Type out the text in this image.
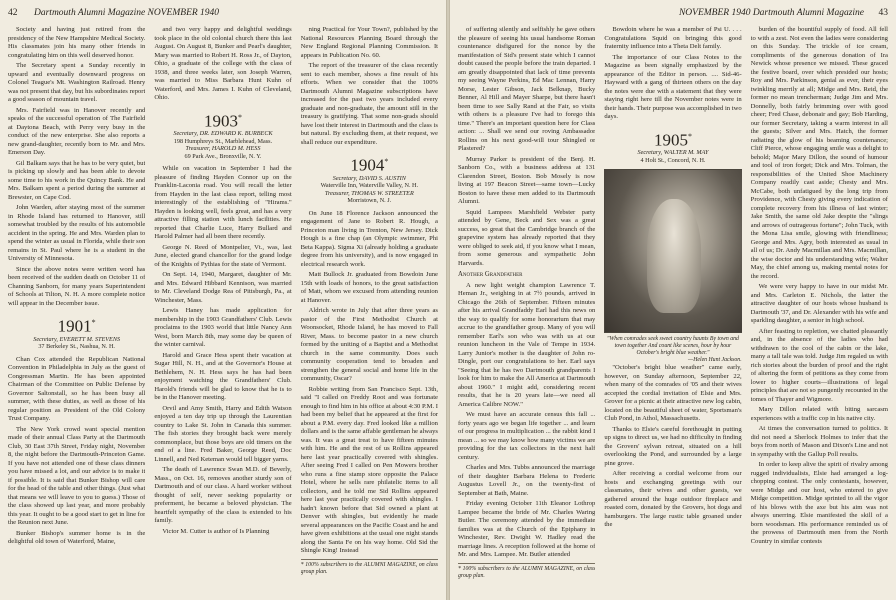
42 Dartmouth Alumni Magazine NOVEMBER 1940

Society and having just retired from the presidency of the New Hampshire Medical Society. His classmates join his many other friends in congratulating him on this well deserved honor.

The Secretary spent a Sunday recently in upward and eventually downward progress on Colonel Teague's Mt. Washington Railroad. Henry was not present that day, but his subordinates report a good season of mountain travel.

Mrs. Fairfield was in Hanover recently and speaks of the successful operation of The Fairfield at Daytona Beach, with Perry very busy in the conduct of the new enterprise. She also reports a new grand-daughter, recently born to Mr. and Mrs. Emerson Day.

Gil Balkam says that he has to be very quiet, but is picking up slowly and has been able to devote some time to his work in the Quincy Bank. He and Mrs. Balkam spent a period during the summer at Brewster, on Cape Cod.

John Warden, after staying most of the summer in Rhode Island has returned to Hanover, still somewhat troubled by the results of his automobile accident in the spring. He and Mrs. Warden plan to spend the winter as usual in Florida, while their son remains in St. Paul where he is a student in the University of Minnesota.

Since the above notes were written word has been received of the sudden death on October 11 of Channing Sanborn, for many years Superintendent of Schools at Tilton, N. H. A more complete notice will appear in the December issue.

1901*
Secretary, EVERETT M. STEVENS
37 Berkeley St., Nashua, N. H.

Chan Cox attended the Republican National Convention in Philadelphia in July as the guest of Congressman Martin. He has been appointed Chairman of the Committee on Public Defense by Governor Saltonstall, so he has been busy all summer, with these duties, as well as those of his regular position as President of the Old Colony Trust Company.

The New York crowd want special mention made of their annual Class Party at the Dartmouth Club, 30 East 37th Street, Friday night, November 8, the night before the Dartmouth-Princeton Game. If you have not attended one of these class dinners you have missed a lot, and our advice is to make it if possible. It is said that Bunker Bishop will care for the head of the table and other things. (Just what that means we will leave to you to guess.) Those of the class showed up last year, and more probably this year. It ought to be a good start to get in line for the Reunion next June.

Bunker Bishop's summer home is in the delightful old town of Waterford, Maine,

and two very happy and delightful weddings took place in the old colonial church there this last August. On August 8, Bunker and Pearl's daughter, Mary was married to Robert H. Ross Jr., of Dayton, Ohio, a graduate of the college with the class of 1938, and three weeks later, son Joseph Warren, was married to Miss Barbara Hunt Kuhn of Waterford, and Mrs. James I. Kuhn of Cleveland, Ohio.

1903*
Secretary, DR. EDWARD K. BURBECK
198 Humphreys St., Marblehead, Mass.
Treasurer, HAROLD M. HESS
69 Park Ave., Bronxville, N. Y.

While on vacation in September I had the pleasure of finding Hayden Connor up on the Franklin-Laconia road. You will recall the letter from Hayden in the last class report, telling most interestingly of the establishing of "Hirams." Hayden is looking well, feels great, and has a very attractive filling station with lunch facilities. He reported that Charlie Luce, Harry Bullard and Harold Palmer had all been there recently.

George N. Reed of Montpelier, Vt., was, last June, elected grand chancellor for the grand lodge of the Knights of Pythias for the state of Vermont.

On Sept. 14, 1940, Margaret, daughter of Mr. and Mrs. Edward Hibbard Kennison, was married to Mr. Cleveland Dodge Rea of Pittsburgh, Pa., at Winchester, Mass.

Lewis Haney has made application for membership in the 1903 Grandfathers' Club. Lewis proclaims to the 1903 world that little Nancy Ann West, born March 8th, may some day be queen of the winter carnival.

Harold and Grace Hess spent their vacation at Sugar Hill, N. H., and at the Governor's House at Bethlehem, N. H. Hess says he has had been enjoyment watching the Grandfathers' Club. Harold's friends will be glad to know that he is to be in the Hanover meeting.

Orvil and Amy Smith, Harry and Edith Watson enjoyed a ten day trip up through the Laurentian country to Lake St. John in Canada this summer. The fish stories they brought back were merely commonplace, but those boys are old timers on the end of a line. Fred Baker, George Reed, Doc Linnell, and Ned Keteman would tell bigger yarns.

The death of Lawrence Swan M.D. of Beverly, Mass., on Oct. 16, removes another sturdy son of Dartmouth and of our class. A hard worker without thought of self, never seeking popularity or preferment, he became a beloved physician. The heartfelt sympathy of the class is extended to his family.

Victor M. Cutter is author of Is Planning

ning Practical for Your Town?, published by the National Resources Planning Board through the New England Regional Planning Commission. It appears in Publication No. 60.

The report of the treasurer of the class recently sent to each member, shows a fine result of his efforts. When we consider that the 100% Dartmouth Alumni Magazine subscriptions have increased for the past two years included every graduate and non-graduate, the amount still in the treasury is gratifying. That some non-grads should have lost their interest in Dartmouth and the class is but natural. By excluding them, at their request, we shall reduce our expenditure.

1904*
Secretary, DAVID S. AUSTIN
Waterville Inn, Waterville Valley, N. H.
Treasurer, THOMAS W. STREETER
Morristown, N. J.

On June 18 Florence Jackson announced the engagement of Jane to Robert R. Hough, a Princeton man living in Trenton, New Jersey. Dick Hough is a fine chap (an Olympic swimmer, Phi Beta Kappa). Sigma Xi (already holding a graduate degree from his university), and is now engaged in electrical research work.

Matt Bullock Jr. graduated from Bowdoin June 15th with loads of honors, to the great satisfaction of Matt, whom we excused from attending reunion at Hanover.

Aldrich wrote in July that after three years as pastor of the First Methodist Church at Woonsocket, Rhode Island, he has moved to Fall River, Mass. to become pastor in a new church formed by the uniting of a Baptist and a Methodist church in the same community. Does such community cooperation tend to broaden and strengthen the general social and home life in the community, Oscar?

Robbie writing from San Francisco Sept. 13th, said "I called on Freddy Root and was fortunate enough to find him in his office at about 4:30 P.M. I had been my belief that he appeared at the first for about a P.M. every day. Fred looked like a million dollars and is the same affable gentleman he always was. It was a great treat to have fifteen minutes with him. He and the rest of us Rollins appeared here last year practically covered with shingles. After seeing Fred I called on Pen Mowers brother who runs a fine stamp store opposite the Palace Hotel, where he sells rare philatelic items to all collectors, and he told me Sid Rollins appeared here last year practically covered with shingles. I hadn't known before that Sid owned a plant at Denver with shingles, but evidently he made several appearances on the Pacific Coast and he and have given exhibitions at the usual one night stands along the Santa Fe on his way home. Old Sid the Shingle King! Instead

* 100% subscribers to the ALUMNI MAGAZINE, on class group plan.
NOVEMBER 1940 Dartmouth Alumni Magazine 43

of suffering silently and selfishly he gave others the pleasure of seeing his usual handsome Roman countenance disfigured for the nonce by the manifestation of Sid's present state which I cannot doubt caused the people before the train departed. I am greatly disappointed that lack of time prevents my seeing Wayne Perkins, Ed Mac Lennan, Harry Morse, Lester Gibson, Jack Belknap, Bucky Benner, Al Hill and Mayer Sharpe, but there hasn't been time to see Sally Rand at the Fair, so visits with others is a pleasure I've had to forego this time." There's an important question here for Class action: ... Shall we send our roving Ambassador Rollins on his next good-will tour Shingled or Plastered?

Murray Parker is president of the Benj. H. Sanborn Co., with a business address at 131 Clarendon Street, Boston. Bob Mosely is now living at 197 Beacon Street—same town—Lucky Boston to have these men added to its Dartmouth Alumni.

Squid Lampees Marshfield Webster party attended by Gene, Beck and Sex was a great success, so great that the Cambridge branch of the grapevine system has already reported that they were obliged to seek aid, if you know what I mean, from some generous and sympathetic John Harvards.

Another Grandfather

A new light weight champion Lawrence T. Heman Jr., weighing in at 7½ pounds, arrived in Chicago the 26th of September. Fifteen minutes after his arrival Grandfaddy Earl had this news on the way to qualify for some honorarium that may accrue to the grandfather group. Many of you will remember Earl's son who was with us at our reunion luncheon in the Vale of Tempe in 1934. Larry Junior's mother is the daughter of John ro-Dingle, port our congratulations to her. Earl says "Seeing that he has two Dartmouth grandparents I look for him to make the All America at Dartmouth about 1960." I might add, considering recent results, that he is 20 years late—we need all America Calibre NOW."

We must have an accurate census this fall ... forty years ago we began life together ... and learn of our progress in multiplication ... the rabbit kind I mean ... so we may know how many victims we are providing for the tax collectors in the next half century.

Charles and Mrs. Tubbs announced the marriage of their daughter Barbara Helena to Frederic Augustus Lovell Jr., on the twenty-first of September at Bath, Maine.

Friday evening October 11th Eleanor Lothrop Lampee became the bride of Mr. Charles Waring Butler. The ceremony attended by the immediate families was at the Church of the Epiphany in Winchester, Rev. Dwight W. Hadley read the marriage lines. A reception followed at the home of Mr. and Mrs. Lampee. Mr. Butler attended

* 100% subscribers to the ALUMNI MAGAZINE, on class group plan.

Bowdoin where he was a member of Psi U. . . . Congratulations Squid on bringing this good fraternity influence into a Theta Delt family.

The importance of our Class Notes to the Magazine as been signally emphasized by the appearance of the Editor in person. .... Sid-46-Hayward with a gang of thirteen others on the day the notes were due with a statement that they were staying right here till the November notes were in their hands. Their purpose was accomplished in two days.

1905*
Secretary, WALTER M. MAY
4 Holt St., Concord, N. H.
"When comrades seek sweet country haunts By town and town together And count like scenes, hour by hour October's bright blue weather."
—Helen Hunt Jackson.

"October's bright blue weather" came early, however, on Sunday afternoon, September 22, when many of the comrades of '05 and their wives accepted the cordial invitation of Elsie and Mrs. Grover for a picnic at their attractive new log cabin, located on the beautiful sheet of water, Sportsman's Club Pond, in Athol, Massachusetts.

Thanks to Elsie's careful forethought in putting up signs to direct us, we had no difficulty in finding the Grovers' sylvan retreat, situated on a hill overlooking the Pond, and surrounded by a large pine grove.

After receiving a cordial welcome from our hosts and exchanging greetings with our classmates, their wives and other guests, we gathered around the huge outdoor fireplace and roasted corn, donated by the Grovers, hot dogs and hamburgers. The large rustic table groaned under the

burden of the bountiful supply of food. All fell to with a zest. Not even the ladies were considering on this Sunday. The trickle of ice cream, compliments of the generous donation of Ira Newick whose presence we missed. These graced the festive board, over which presided our hosts; Roy and Mrs. Parkinson, genial as ever, their eyes twinkling merrily at all; Midge and Mrs. Reid, the former no mean trencherman; Judge Jim and Mrs. Donnelly, both fairly brimming over with good cheer; Fred Chase, debonair and gay; Bob Harding, our former Secretary, taking a warm interest in all the guests; Silver and Mrs. Hatch, the former radiating the glow of his beaming countenance; Cliff Pierce, whose engaging smile was a delight to behold; Major Mary Dillon, the sound of humour and tool of iron forget; Dick and Mrs. Tolman, the responsibilities of the United Shoe Machinery Company readily cast aside; Chesty and Mrs. McCabe, both unfatigued by the long trip from Providence, with Chesty giving every indication of complete recovery from his illness of last winter; Jake Smith, the same old Jake despite the "slings and arrows of outrageous fortune"; John Tuck, with the Mona Lisa smile, glowing with friendliness; George and Mrs. Agry, both interested as usual in all of us; Dr. Andy Macmillan and Mrs. Macmillan, the wise doctor and his understanding wife; Walter May, the chief among us, making mental notes for the record.

We were very happy to have in our midst Mr. and Mrs. Carleton E. Nichols, the latter the attractive daughter of our hosts whose husband is Dartmouth '37, and Dr. Alexander with his wife and sparkling daughter, a senior in high school.

After feasting to repletion, we chatted pleasantly and, in the absence of the ladies who had withdrawn to the cool of the cabin or the lake, many a tall tale was told. Judge Jim regaled us with rich stories about the burden of proof and the right of altering the form of petitions as they come from lower to higher courts—illustrations of legal principles that are not so pungently recounted in the tomes of Thayer and Wigmore.

Mary Dillon related with biting sarcasm experiences with a traffic cop in his native city.

At times the conversation turned to politics. It did not need a Sherlock Holmes to infer that the boys from north of Mason and Dixon's Line and not in sympathy with the Gallup Poll results.

In order to keep alive the spirit of rivalry among rugged individualists, Elsie had arranged a log-chopping contest. The only contestants, however, were Midge and our host, who entered to give Midge competition. Midge sprinted to all the vigor of his blows with the axe but his aim was not always unerring. Elsie manifested the skill of a born woodsman. His performance reminded us of the prowess of Dartmouth men from the North Country in similar contests
